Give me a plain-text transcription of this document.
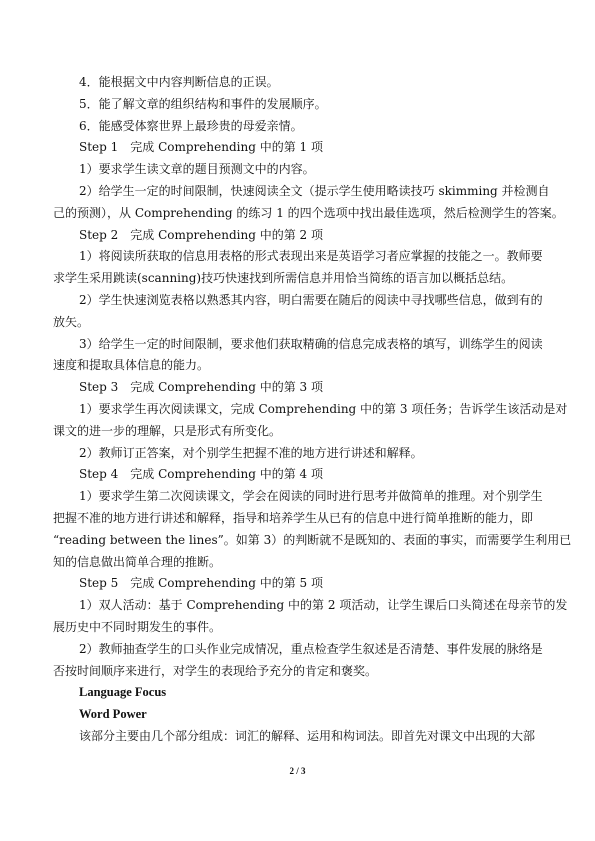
4．能根据文中内容判断信息的正误。
5．能了解文章的组织结构和事件的发展顺序。
6．能感受体察世界上最珍贵的母爱亲情。
Step 1　完成 Comprehending 中的第 1 项
1）要求学生读文章的题目预测文中的内容。
2）给学生一定的时间限制，快速阅读全文（提示学生使用略读技巧 skimming 并检测自
己的预测），从 Comprehending 的练习 1 的四个选项中找出最佳选项，然后检测学生的答案。
Step 2　完成 Comprehending 中的第 2 项
1）将阅读所获取的信息用表格的形式表现出来是英语学习者应掌握的技能之一。教师要
求学生采用跳读(scanning)技巧快速找到所需信息并用恰当简练的语言加以概括总结。
2）学生快速浏览表格以熟悉其内容，明白需要在随后的阅读中寻找哪些信息，做到有的
放矢。
3）给学生一定的时间限制，要求他们获取精确的信息完成表格的填写，训练学生的阅读
速度和提取具体信息的能力。
Step 3　完成 Comprehending 中的第 3 项
1）要求学生再次阅读课文，完成 Comprehending 中的第 3 项任务；告诉学生该活动是对
课文的进一步的理解，只是形式有所变化。
2）教师订正答案，对个别学生把握不准的地方进行讲述和解释。
Step 4　完成 Comprehending 中的第 4 项
1）要求学生第二次阅读课文，学会在阅读的同时进行思考并做简单的推理。对个别学生
把握不准的地方进行讲述和解释，指导和培养学生从已有的信息中进行简单推断的能力，即
“reading between the lines”。如第 3）的判断就不是既知的、表面的事实，而需要学生利用已
知的信息做出简单合理的推断。
Step 5　完成 Comprehending 中的第 5 项
1）双人活动：基于 Comprehending 中的第 2 项活动，让学生课后口头简述在母亲节的发
展历史中不同时期发生的事件。
2）教师抽查学生的口头作业完成情况，重点检查学生叙述是否清楚、事件发展的脉络是
否按时间顺序来进行，对学生的表现给予充分的肯定和褒奖。
Language Focus
Word Power
该部分主要由几个部分组成：词汇的解释、运用和构词法。即首先对课文中出现的大部
2 / 3
